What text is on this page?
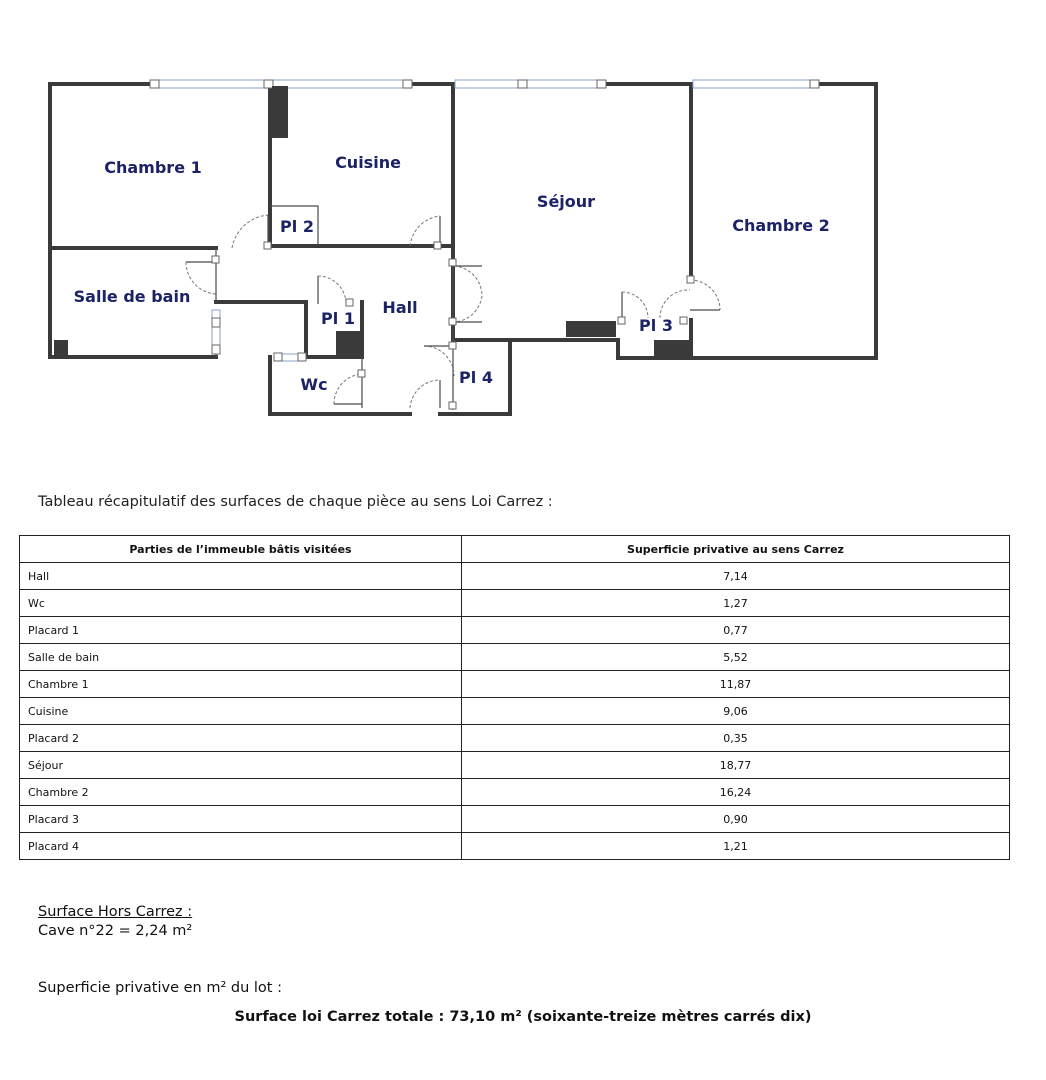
Chambre 1	Cuisine
Séjour
Chambre 2
Pl 2
Salle de bain
Pl 1
Hall
Pl 3
Wc	Pl 4
Tableau récapitulatif des surfaces de chaque pièce au sens Loi Carrez :
Parties de l’immeuble bâtis visitées	Superficie privative au sens Carrez
Hall	7,14
Wc	1,27
Placard 1	0,77
Salle de bain	5,52
Chambre 1	11,87
Cuisine	9,06
Placard 2	0,35
Séjour	18,77
Chambre 2	16,24
Placard 3	0,90
Placard 4	1,21
Surface Hors Carrez :
Cave n°22 = 2,24 m²
Superficie privative en m² du lot :
Surface loi Carrez totale : 73,10 m² (soixante-treize mètres carrés dix)
